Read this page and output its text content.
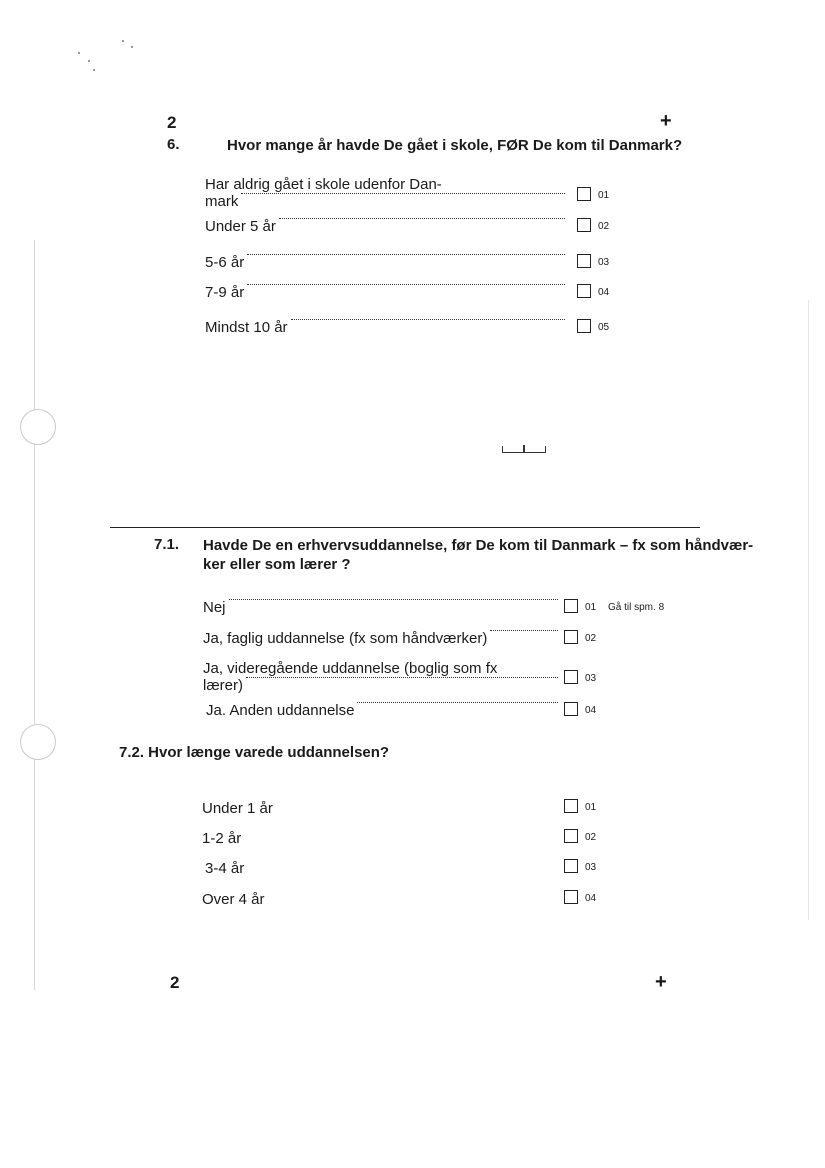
2	+
6.	Hvor mange år havde De gået i skole, FØR De kom til Danmark?
Har aldrig gået i skole udenfor Dan-
mark	01
Under 5 år	02
5-6 år	03
7-9 år	04
Mindst 10 år	05
7.1. Havde De en erhvervsuddannelse, før De kom til Danmark – fx som håndvær-
ker eller som lærer ?
Nej	01 Gå til spm. 8
Ja, faglig uddannelse (fx som håndværker)	02
Ja, videregående uddannelse (boglig som fx
lærer)	03
Ja. Anden uddannelse	04
7.2. Hvor længe varede uddannelsen?
Under 1 år	01
1-2 år	02
3-4 år	03
Over 4 år	04
2	+
